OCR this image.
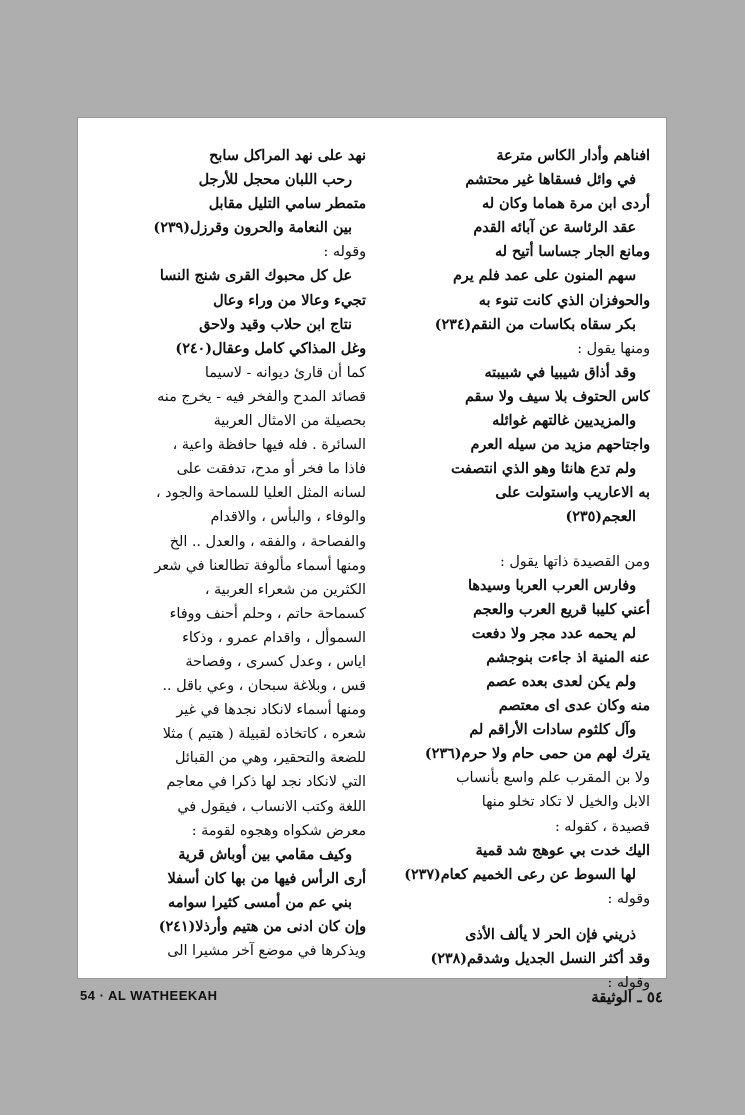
افناهم وأدار الكاس مترعة
في وائل فسقاها غير محتشم
أردى ابن مرة هماما وكان له
عقد الرئاسة عن آبائه القدم
ومانع الجار جساسا أتيح له
سهم المنون على عمد فلم يرم
والحوفزان الذي كانت تنوء به
بكر سقاه بكاسات من النقم(٢٣٤)
ومنها يقول :
وقد أذاق شيبيا في شبيبته
كاس الحتوف بلا سيف ولا سقم
والمزيديين غالتهم غوائله
واجتاحهم مزيد من سيله العرم
ولم تدع هانئا وهو الذي انتصفت
به الاعاريب واستولت على
العجم(٢٣٥)
ومن القصيدة ذاتها يقول :
وفارس العرب العربا وسيدها
أعني كليبا قريع العرب والعجم
لم يحمه عدد مجر ولا دفعت
عنه المنية اذ جاءت بنوجشم
ولم يكن لعدى بعده عصم
منه وكان عدى اى معتصم
وآل كلثوم سادات الأراقم لم
يترك لهم من حمى حام ولا حرم(٢٣٦)
ولا بن المقرب علم واسع بأنساب
الابل والخيل لا تكاد تخلو منها
قصيدة ، كقوله :
اليك خدت بي عوهج شد قمية
لها السوط عن رعى الخميم كعام(٢٣٧)
وقوله :
ذريني فإن الحر لا يألف الأذى
وقد أكثر النسل الجديل وشدقم(٢٣٨)
وقوله :
نهد على نهد المراكل سابح
رحب اللبان محجل للأرجل
متمطر سامي التليل مقابل
بين النعامة والحرون وقرزل(٢٣٩)
وقوله :
عل كل محبوك القرى شنج النسا
تجيء وعالا من وراء وعال
نتاج ابن حلاب وقيد ولاحق
وغل المذاكي كامل وعقال(٢٤٠)
كما أن قارئ ديوانه - لاسيما
قصائد المدح والفخر فيه - يخرج منه
بحصيلة من الامثال العربية
السائرة . فله فيها حافظة واعية ،
فاذا ما فخر أو مدح، تدفقت على
لسانه المثل العليا للسماحة والجود ،
والوفاء ، والبأس ، والاقدام
والفصاحة ، والفقه ، والعدل .. الخ
ومنها أسماء مألوفة تطالعنا في شعر
الكثرين من شعراء العربية ،
كسماحة حاتم ، وحلم أحنف ووفاء
السموأل ، واقدام عمرو ، وذكاء
اياس ، وعدل كسرى ، وفصاحة
قس ، وبلاغة سبحان ، وعي باقل ..
ومنها أسماء لانكاد نجدها في غير
شعره ، كاتخاذه لقبيلة ( هتيم ) مثلا
للضعة والتحقير، وهي من القبائل
التي لانكاد نجد لها ذكرا في معاجم
اللغة وكتب الانساب ، فيقول في
معرض شكواه وهجوه لقومة :
وكيف مقامي بين أوباش قرية
أرى الرأس فيها من بها كان أسفلا
بني عم من أمسى كثيرا سوامه
وإن كان ادنى من هتيم وأرذلا(٢٤١)
ويذكرها في موضع آخر مشيرا الى
54 · AL WATHEEKAH	٥٤ ـ الوثيقة
